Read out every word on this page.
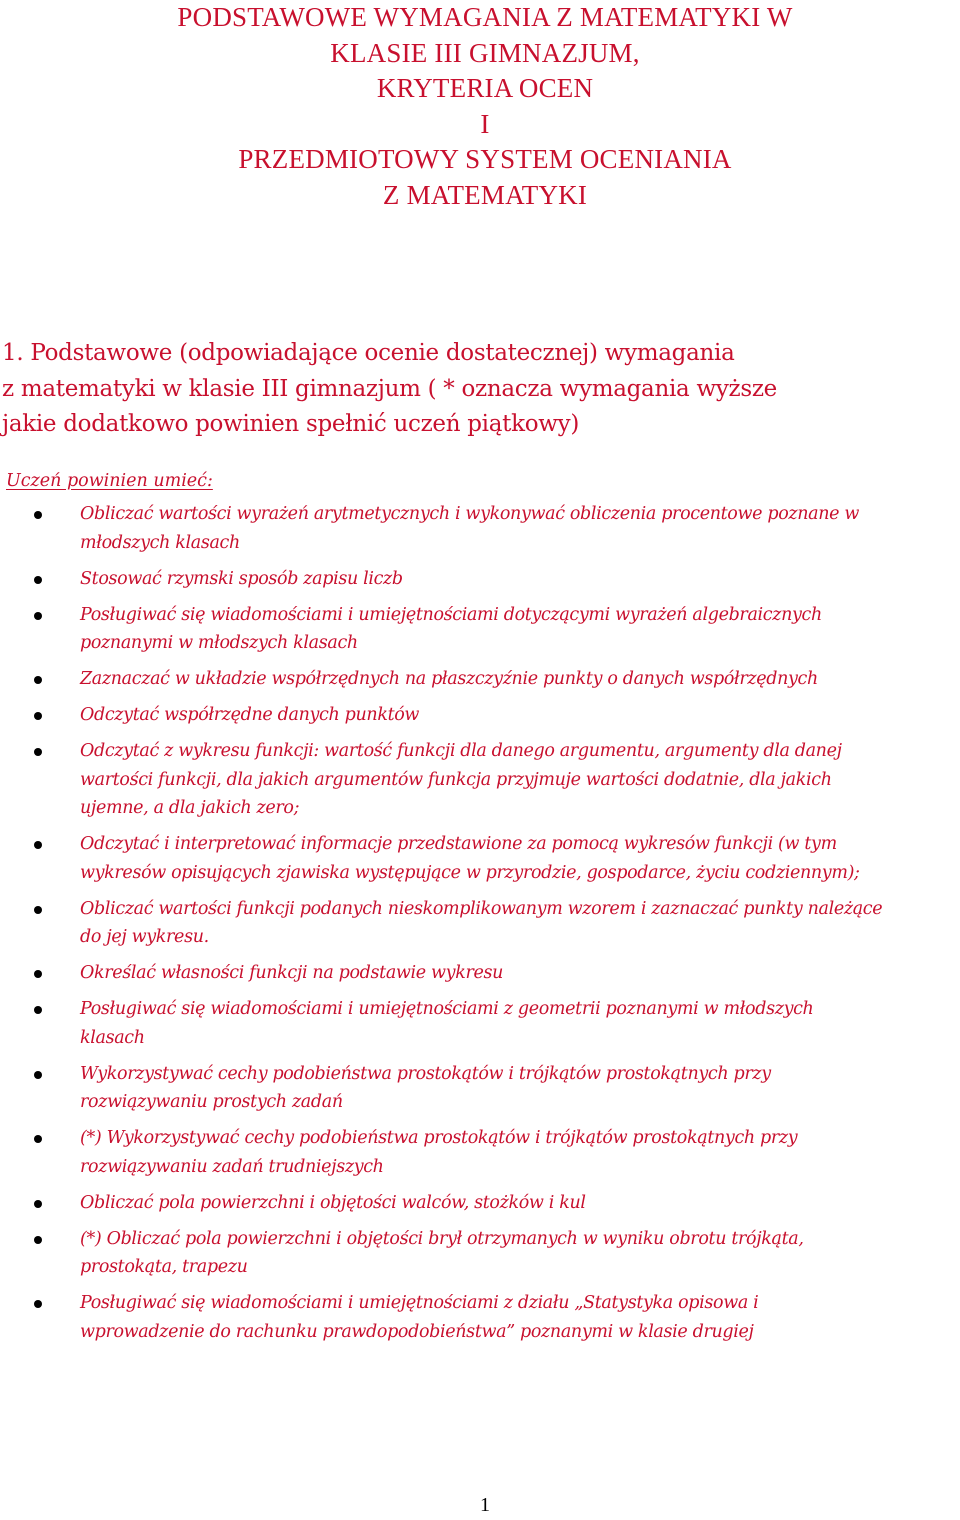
PODSTAWOWE WYMAGANIA Z MATEMATYKI W
KLASIE III GIMNAZJUM,
KRYTERIA OCEN
I
PRZEDMIOTOWY SYSTEM OCENIANIA
Z MATEMATYKI
1. Podstawowe (odpowiadające ocenie dostatecznej) wymagania
z matematyki w klasie III gimnazjum ( * oznacza wymagania wyższe
jakie dodatkowo powinien spełnić uczeń piątkowy)
Uczeń powinien umieć:
Obliczać wartości wyrażeń arytmetycznych i wykonywać obliczenia procentowe poznane w
młodszych klasach
Stosować rzymski sposób zapisu liczb
Posługiwać się wiadomościami i umiejętnościami dotyczącymi wyrażeń algebraicznych
poznanymi w młodszych klasach
Zaznaczać w układzie współrzędnych na płaszczyźnie punkty o danych współrzędnych
Odczytać współrzędne danych punktów
Odczytać z wykresu funkcji: wartość funkcji dla danego argumentu, argumenty dla danej
wartości funkcji, dla jakich argumentów funkcja przyjmuje wartości dodatnie, dla jakich
ujemne, a dla jakich zero;
Odczytać i interpretować informacje przedstawione za pomocą wykresów funkcji (w tym
wykresów opisujących zjawiska występujące w przyrodzie, gospodarce, życiu codziennym);
Obliczać wartości funkcji podanych nieskomplikowanym wzorem i zaznaczać punkty należące
do jej wykresu.
Określać własności funkcji na podstawie wykresu
Posługiwać się wiadomościami i umiejętnościami z geometrii poznanymi w młodszych
klasach
Wykorzystywać cechy podobieństwa prostokątów i trójkątów prostokątnych przy
rozwiązywaniu prostych zadań
(*) Wykorzystywać cechy podobieństwa prostokątów i trójkątów prostokątnych przy
rozwiązywaniu zadań trudniejszych
Obliczać pola powierzchni i objętości walców, stożków i kul
(*) Obliczać pola powierzchni i objętości brył otrzymanych w wyniku obrotu trójkąta,
prostokąta, trapezu
Posługiwać się wiadomościami i umiejętnościami z działu „Statystyka opisowa i
wprowadzenie do rachunku prawdopodobieństwa” poznanymi w klasie drugiej
1
